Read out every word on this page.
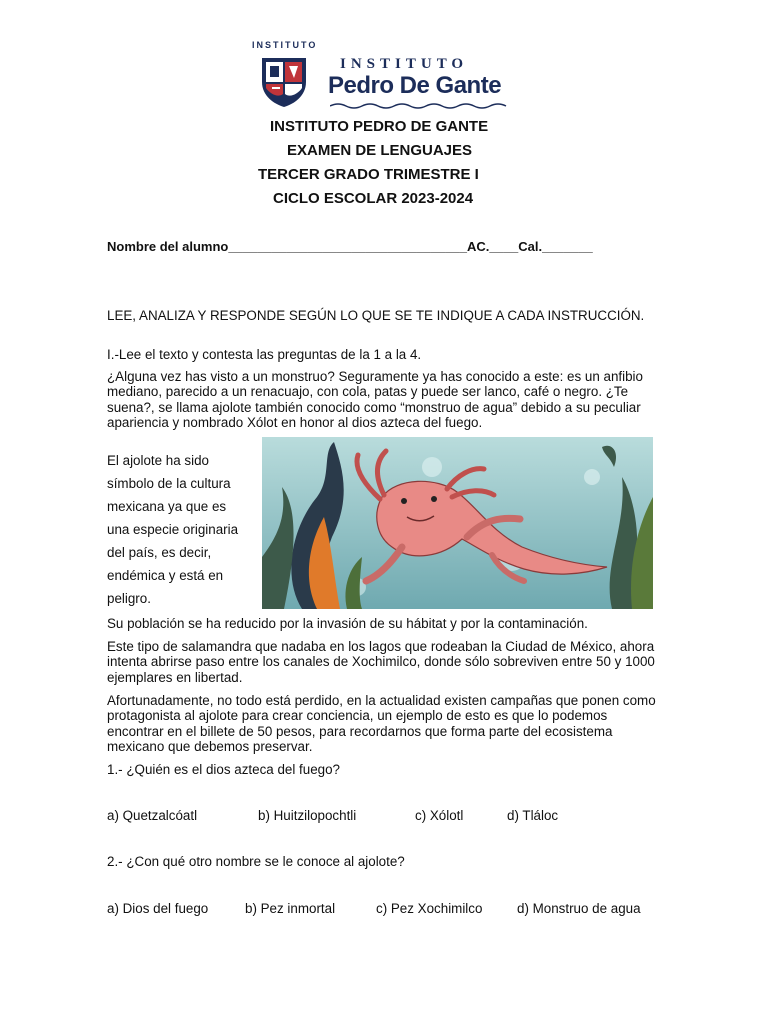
INSTITUTO
INSTITUTO
Pedro De Gante
INSTITUTO PEDRO DE GANTE
EXAMEN DE LENGUAJES
TERCER GRADO TRIMESTRE I
CICLO ESCOLAR 2023-2024
Nombre del alumno_________________________________AC.____Cal._______
LEE, ANALIZA Y RESPONDE SEGÚN LO QUE SE TE INDIQUE A CADA INSTRUCCIÓN.
I.-Lee el texto y contesta las preguntas de la 1 a la 4.
¿Alguna vez has visto a un monstruo? Seguramente ya has conocido a este: es un anfibio mediano, parecido a un renacuajo, con cola, patas y puede ser lanco, café o negro. ¿Te suena?, se llama ajolote también conocido como “monstruo de agua” debido a su peculiar apariencia y nombrado Xólot en honor al dios azteca del fuego.
El ajolote ha sido
símbolo de la cultura
mexicana ya que es
una especie originaria
del país, es decir,
endémica y está en
peligro.
Su población se ha reducido por la invasión de su hábitat y por la contaminación.
Este tipo de salamandra que nadaba en los lagos que rodeaban la Ciudad de México, ahora intenta abrirse paso entre los canales de Xochimilco, donde sólo sobreviven entre 50 y 1000 ejemplares en libertad.
Afortunadamente, no todo está perdido, en la actualidad existen campañas que ponen como protagonista al ajolote para crear conciencia, un ejemplo de esto es que lo podemos encontrar en el billete de 50 pesos, para recordarnos que forma parte del ecosistema mexicano que debemos preservar.
1.- ¿Quién es el dios azteca del fuego?
a) Quetzalcóatl	b) Huitzilopochtli	c) Xólotl	d) Tláloc
2.- ¿Con qué otro nombre se le conoce al ajolote?
a) Dios del fuego	b) Pez inmortal	c) Pez Xochimilco	d) Monstruo de agua
